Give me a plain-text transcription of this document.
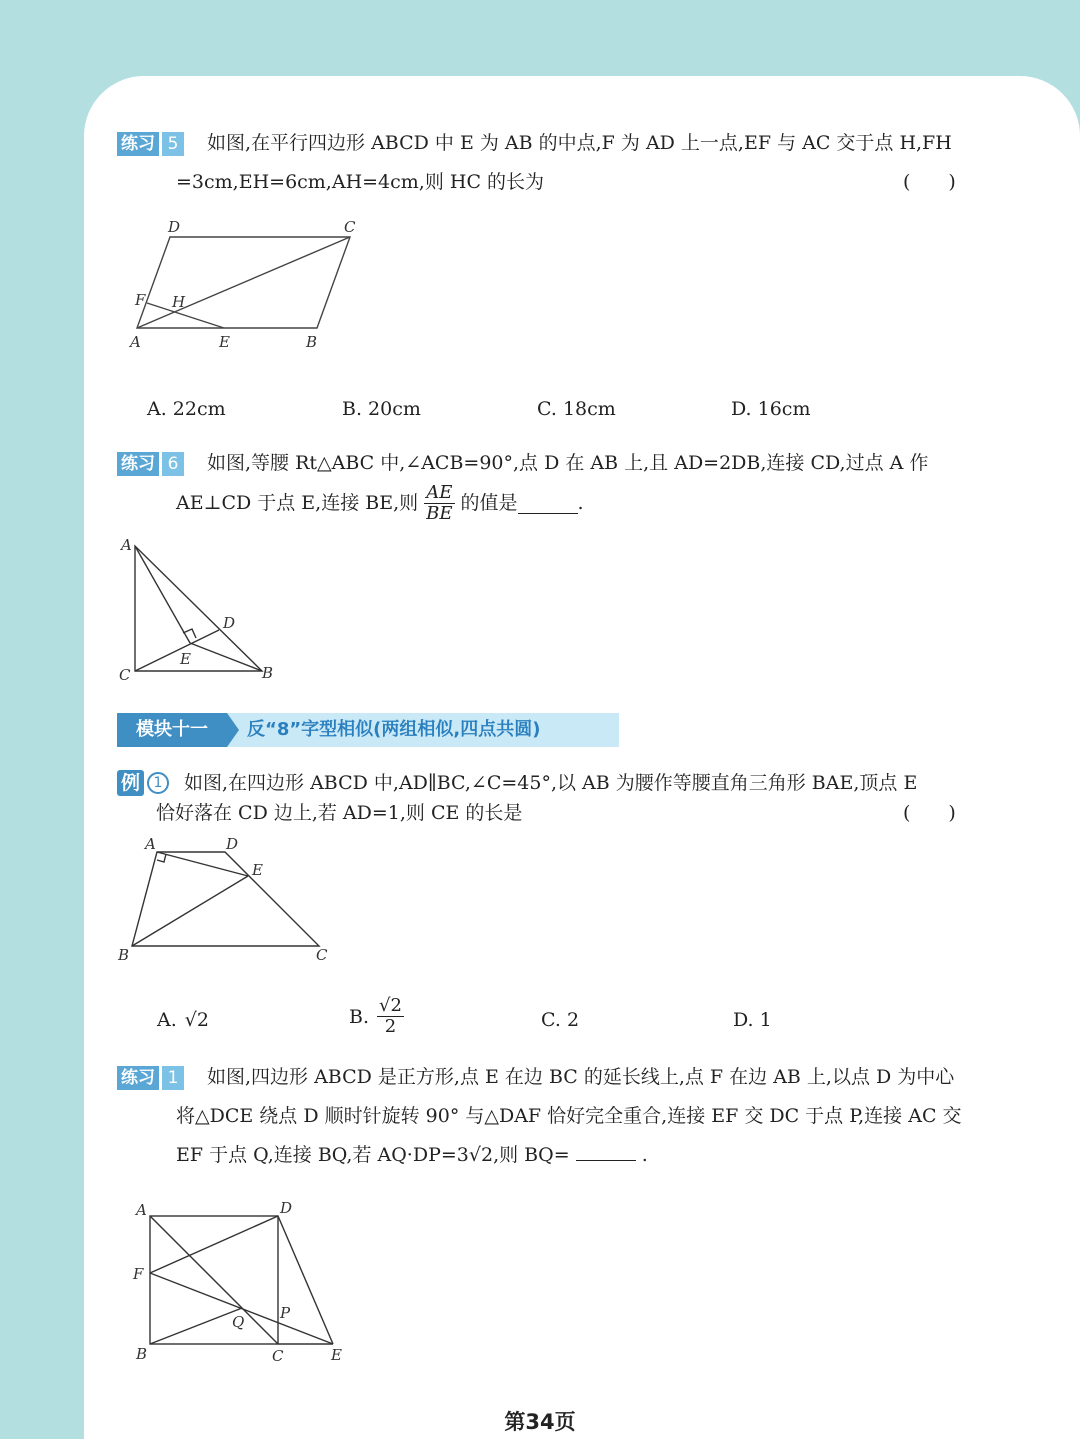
练习 5 如图,在平行四边形 ABCD 中 E 为 AB 的中点,F 为 AD 上一点,EF 与 AC 交于点 H,FH
=3cm,EH=6cm,AH=4cm,则 HC 的长为	(　　)
D	C
F H
A	E	B
A. 22cm	B. 20cm	C. 18cm	D. 16cm
练习 6 如图,等腰 Rt△ABC 中,∠ACB=90°,点 D 在 AB 上,且 AD=2DB,连接 CD,过点 A 作
AE⊥CD 于点 E,连接 BE,则 $\frac{AE}{BE}$ 的值是	.
A
D
E
C	B
模块十一	反“8”字型相似(两组相似,四点共圆)
例 1	如图,在四边形 ABCD 中,AD∥BC,∠C=45°,以 AB 为腰作等腰直角三角形 BAE,顶点 E
恰好落在 CD 边上,若 AD=1,则 CE 的长是	(　　)
A	D
E
B	C
A. √2	B. $\frac{√2}{2}$	C. 2	D. 1
练习 1 如图,四边形 ABCD 是正方形,点 E 在边 BC 的延长线上,点 F 在边 AB 上,以点 D 为中心
将△DCE 绕点 D 顺时针旋转 90° 与△DAF 恰好完全重合,连接 EF 交 DC 于点 P,连接 AC 交
EF 于点 Q,连接 BQ,若 AQ·DP=3√2,则 BQ=	.
A	D
F
P
Q
B	C	E
第34页
